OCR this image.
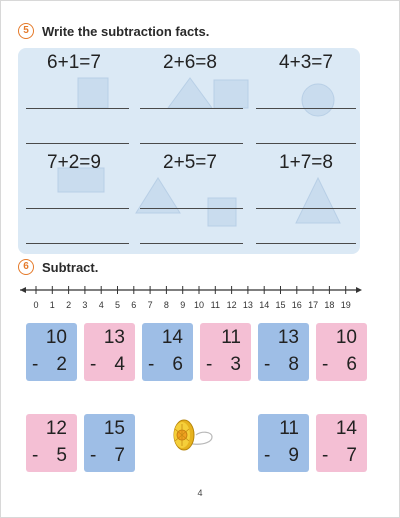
5	Write the subtraction facts.
6+1=7	2+6=8	4+3=7
7+2=9	2+5=7	1+7=8
6	Subtract.
0 1 2 3 4 5 6 7 8 9 10 11 12 13 14 15 16 17 18 19
10
- 2
13
- 4
14
- 6
11
- 3
13
- 8
10
- 6
12
- 5
15
- 7
11
- 9
14
- 7
4
